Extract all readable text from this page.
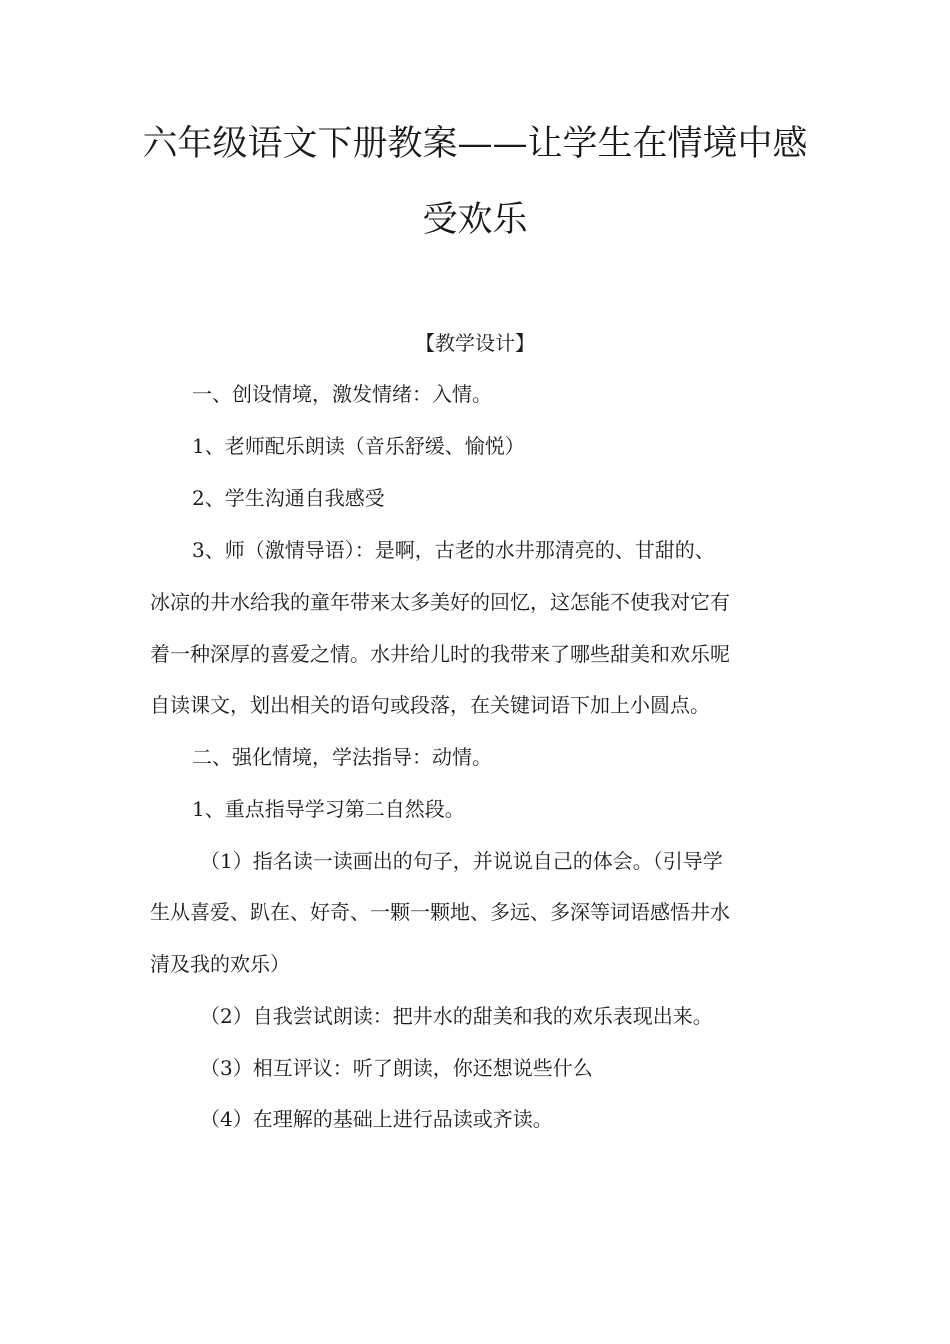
六年级语文下册教案——让学生在情境中感
受欢乐
【教学设计】
一、创设情境，激发情绪：入情。
1、老师配乐朗读（音乐舒缓、愉悦）
2、学生沟通自我感受
3、师（激情导语）：是啊，古老的水井那清亮的、甘甜的、
冰凉的井水给我的童年带来太多美好的回忆，这怎能不使我对它有
着一种深厚的喜爱之情。水井给儿时的我带来了哪些甜美和欢乐呢
自读课文，划出相关的语句或段落，在关键词语下加上小圆点。
二、强化情境，学法指导：动情。
1、重点指导学习第二自然段。
（1）指名读一读画出的句子，并说说自己的体会。（引导学
生从喜爱、趴在、好奇、一颗一颗地、多远、多深等词语感悟井水
清及我的欢乐）
（2）自我尝试朗读：把井水的甜美和我的欢乐表现出来。
（3）相互评议：听了朗读，你还想说些什么
（4）在理解的基础上进行品读或齐读。
